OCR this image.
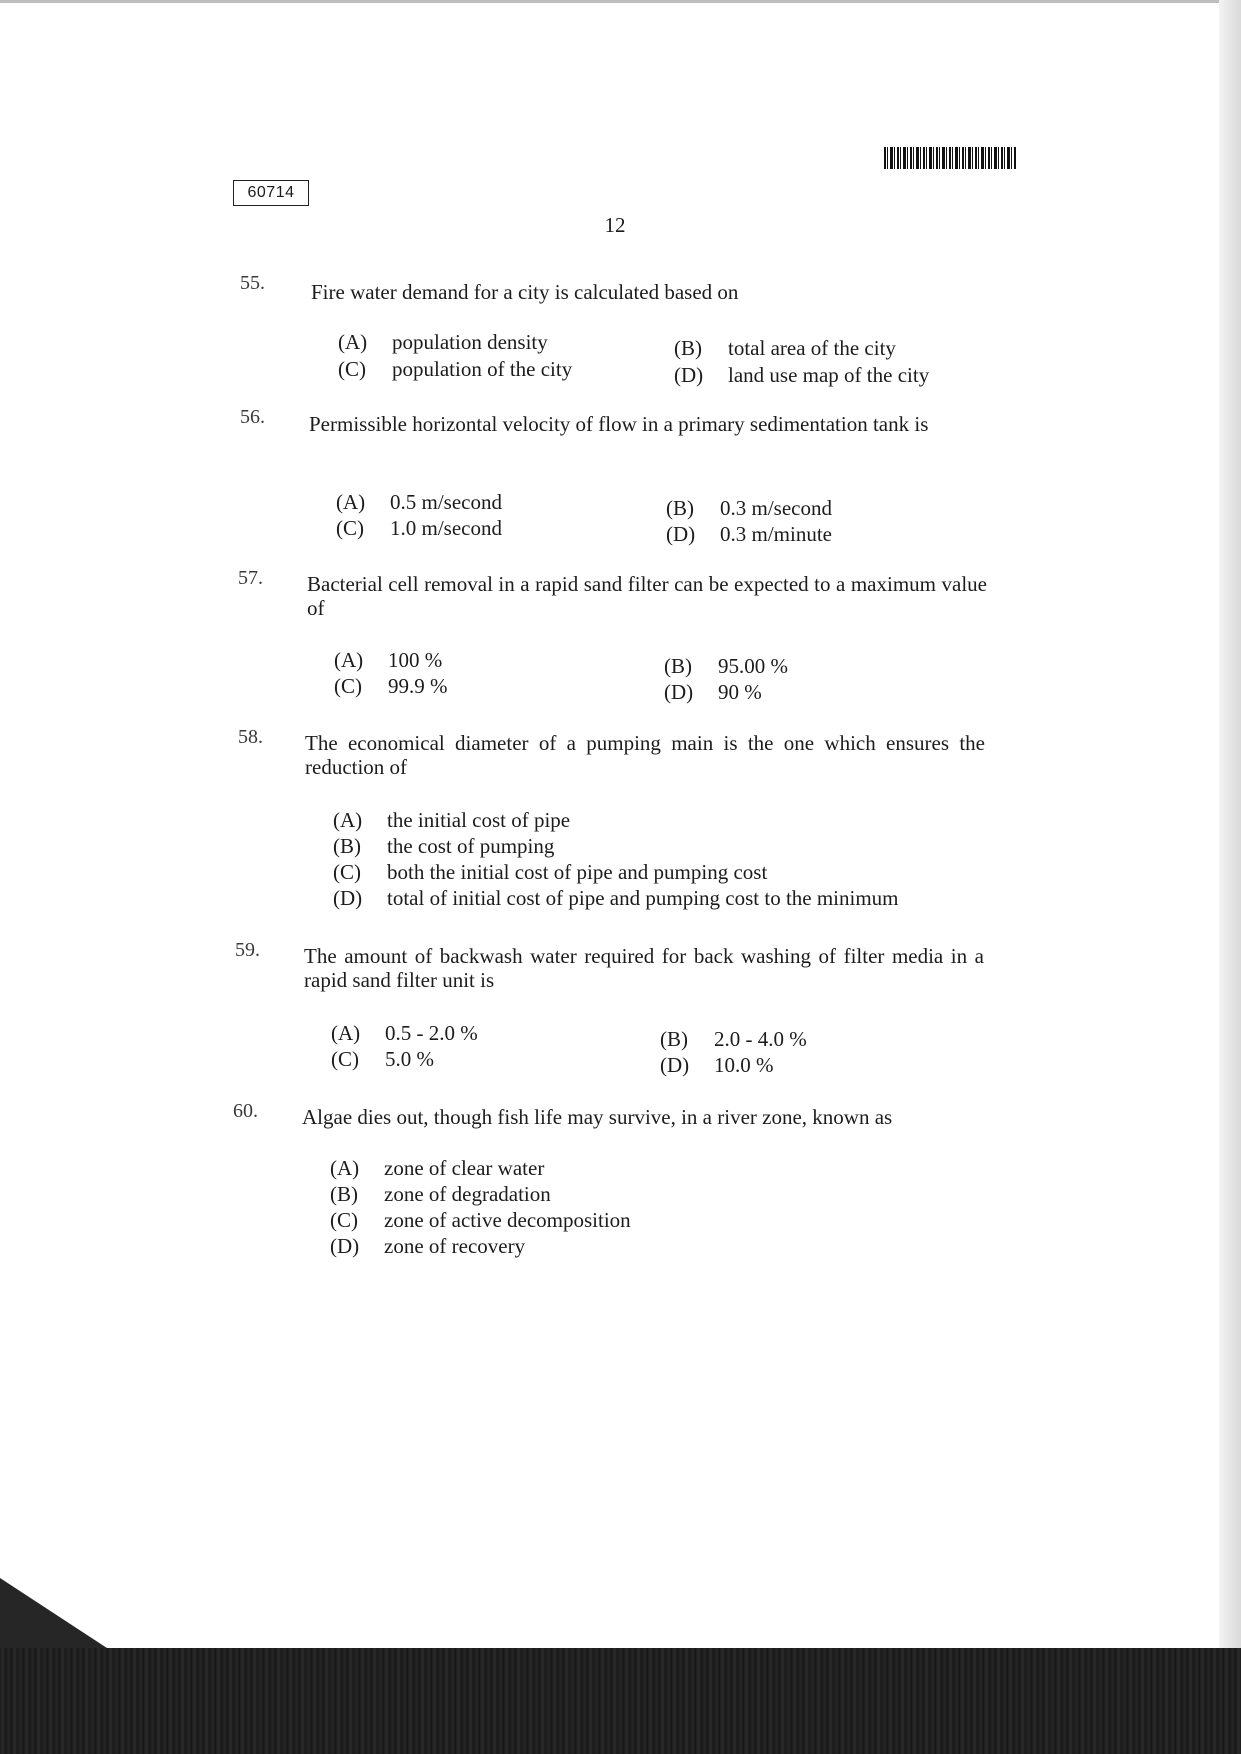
60714
12
55. Fire water demand for a city is calculated based on
(A) population density	(B) total area of the city
(C) population of the city	(D) land use map of the city
56. Permissible horizontal velocity of flow in a primary sedimentation tank is
(A) 0.5 m/second	(B) 0.3 m/second
(C) 1.0 m/second	(D) 0.3 m/minute
57. Bacterial cell removal in a rapid sand filter can be expected to a maximum value of
(A) 100 %	(B) 95.00 %
(C) 99.9 %	(D) 90 %
58. The economical diameter of a pumping main is the one which ensures the reduction of
(A) the initial cost of pipe
(B) the cost of pumping
(C) both the initial cost of pipe and pumping cost
(D) total of initial cost of pipe and pumping cost to the minimum
59. The amount of backwash water required for back washing of filter media in a rapid sand filter unit is
(A) 0.5 - 2.0 %	(B) 2.0 - 4.0 %
(C) 5.0 %	(D) 10.0 %
60. Algae dies out, though fish life may survive, in a river zone, known as
(A) zone of clear water
(B) zone of degradation
(C) zone of active decomposition
(D) zone of recovery
